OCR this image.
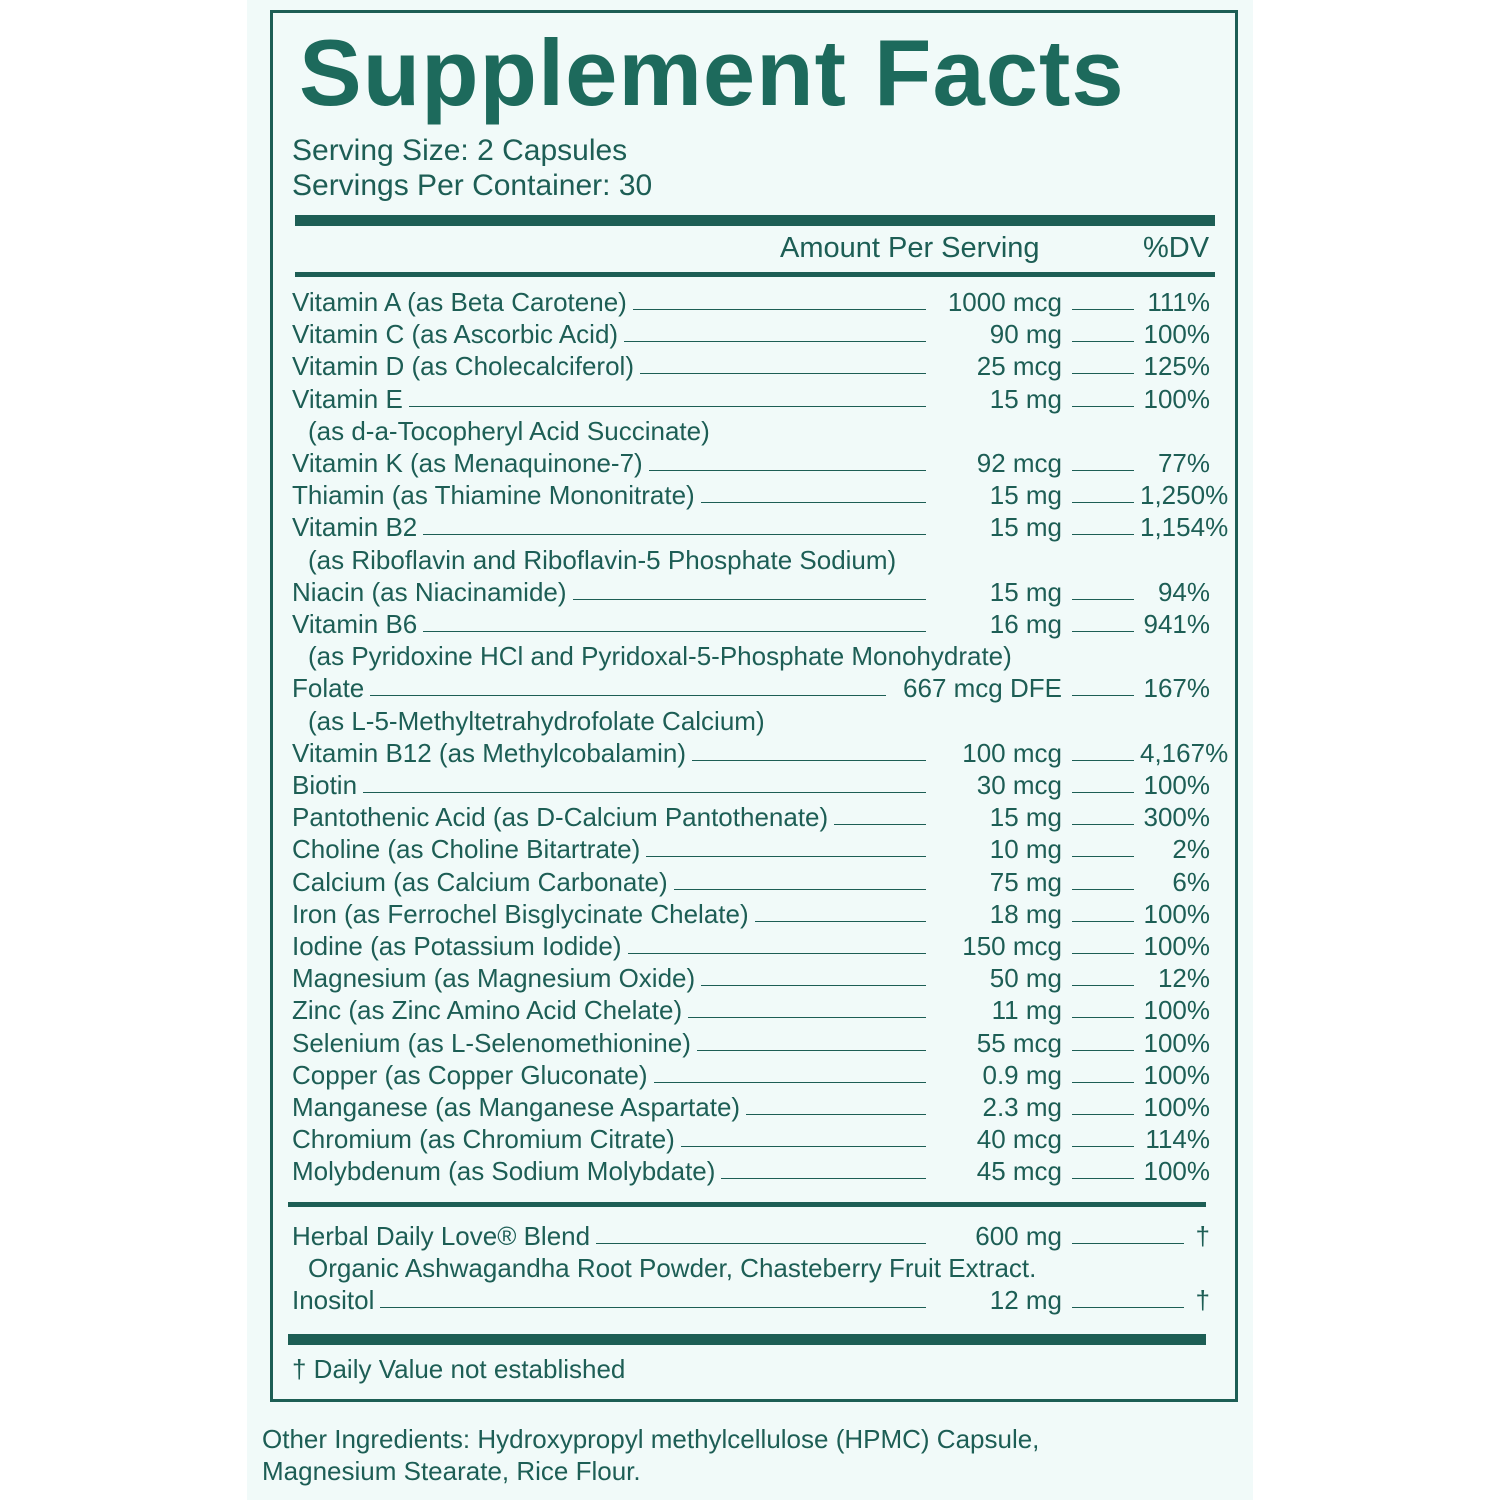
Supplement Facts
Serving Size: 2 Capsules
Servings Per Container: 30
Amount Per Serving	%DV
Vitamin A (as Beta Carotene)	1000 mcg	111%
Vitamin C (as Ascorbic Acid)	90 mg	100%
Vitamin D (as Cholecalciferol)	25 mcg	125%
Vitamin E	15 mg	100%
(as d-a-Tocopheryl Acid Succinate)
Vitamin K (as Menaquinone-7)	92 mcg	77%
Thiamin (as Thiamine Mononitrate)	15 mg	1,250%
Vitamin B2	15 mg	1,154%
(as Riboflavin and Riboflavin-5 Phosphate Sodium)
Niacin (as Niacinamide)	15 mg	94%
Vitamin B6	16 mg	941%
(as Pyridoxine HCl and Pyridoxal-5-Phosphate Monohydrate)
Folate	667 mcg DFE	167%
(as L-5-Methyltetrahydrofolate Calcium)
Vitamin B12 (as Methylcobalamin)	100 mcg	4,167%
Biotin	30 mcg	100%
Pantothenic Acid (as D-Calcium Pantothenate)	15 mg	300%
Choline (as Choline Bitartrate)	10 mg	2%
Calcium (as Calcium Carbonate)	75 mg	6%
Iron (as Ferrochel Bisglycinate Chelate)	18 mg	100%
Iodine (as Potassium Iodide)	150 mcg	100%
Magnesium (as Magnesium Oxide)	50 mg	12%
Zinc (as Zinc Amino Acid Chelate)	11 mg	100%
Selenium (as L-Selenomethionine)	55 mcg	100%
Copper (as Copper Gluconate)	0.9 mg	100%
Manganese (as Manganese Aspartate)	2.3 mg	100%
Chromium (as Chromium Citrate)	40 mcg	114%
Molybdenum (as Sodium Molybdate)	45 mcg	100%
Herbal Daily Love® Blend	600 mg	†
Organic Ashwagandha Root Powder, Chasteberry Fruit Extract.
Inositol	12 mg	†
† Daily Value not established
Other Ingredients: Hydroxypropyl methylcellulose (HPMC) Capsule,
Magnesium Stearate, Rice Flour.
